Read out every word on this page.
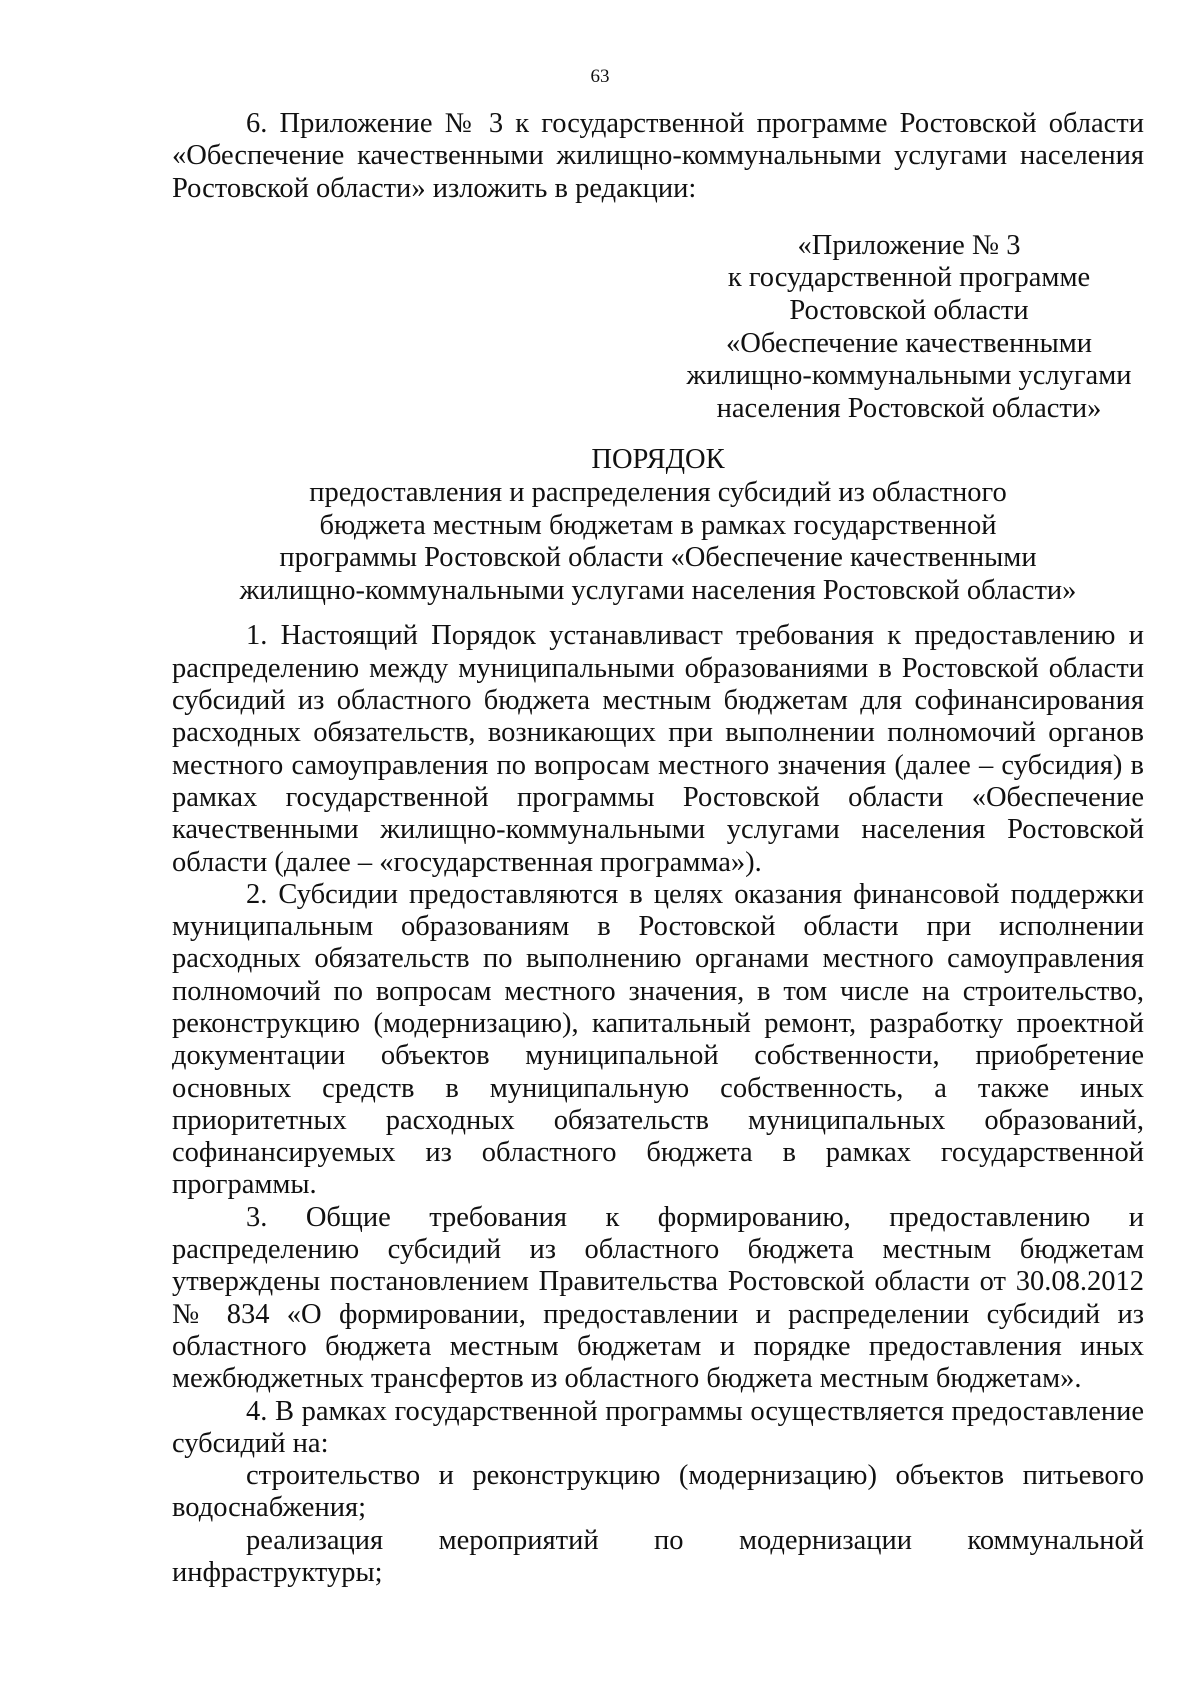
63

6. Приложение № 3 к государственной программе Ростовской области «Обеспечение качественными жилищно-коммунальными услугами населения Ростовской области» изложить в редакции:

«Приложение № 3
к государственной программе
Ростовской области
«Обеспечение качественными
жилищно-коммунальными услугами
населения Ростовской области»
ПОРЯДОК
предоставления и распределения субсидий из областного
бюджета местным бюджетам в рамках государственной
программы Ростовской области «Обеспечение качественными
жилищно-коммунальными услугами населения Ростовской области»

1. Настоящий Порядок устанавливаст требования к предоставлению и распределению между муниципальными образованиями в Ростовской области субсидий из областного бюджета местным бюджетам для софинансирования расходных обязательств, возникающих при выполнении полномочий органов местного самоуправления по вопросам местного значения (далее – субсидия) в рамках государственной программы Ростовской области «Обеспечение качественными жилищно-коммунальными услугами населения Ростовской области (далее – «государственная программа»).

2. Субсидии предоставляются в целях оказания финансовой поддержки муниципальным образованиям в Ростовской области при исполнении расходных обязательств по выполнению органами местного самоуправления полномочий по вопросам местного значения, в том числе на строительство, реконструкцию (модернизацию), капитальный ремонт, разработку проектной документации объектов муниципальной собственности, приобретение основных средств в муниципальную собственность, а также иных приоритетных расходных обязательств муниципальных образований, софинансируемых из областного бюджета в рамках государственной программы.

3. Общие требования к формированию, предоставлению и распределению субсидий из областного бюджета местным бюджетам утверждены постановлением Правительства Ростовской области от 30.08.2012 № 834 «О формировании, предоставлении и распределении субсидий из областного бюджета местным бюджетам и порядке предоставления иных межбюджетных трансфертов из областного бюджета местным бюджетам».

4. В рамках государственной программы осуществляется предоставление субсидий на:

строительство и реконструкцию (модернизацию) объектов питьевого водоснабжения;

реализация мероприятий по модернизации коммунальной инфраструктуры;
